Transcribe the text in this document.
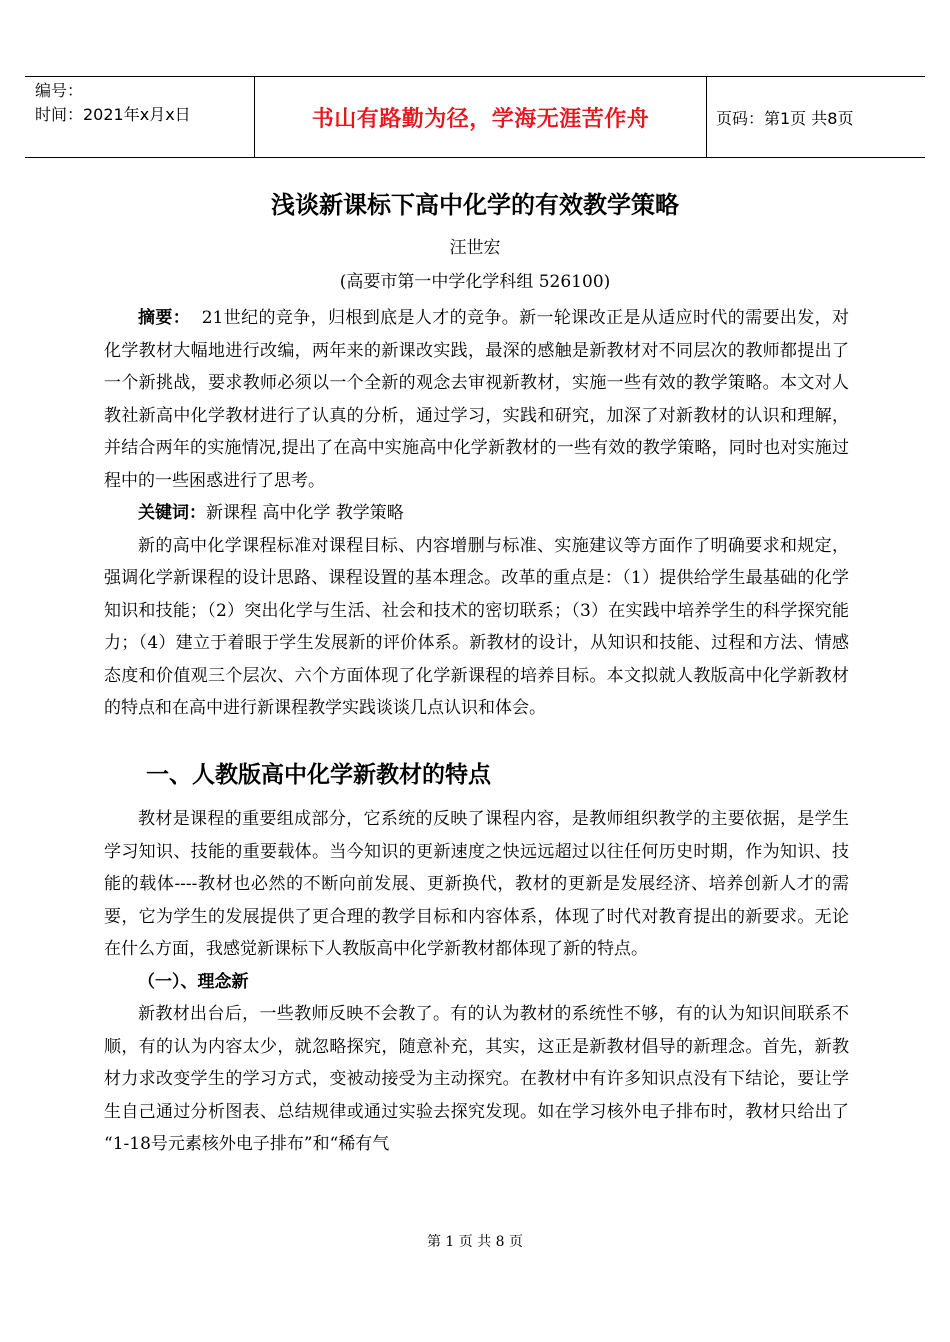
编号：
时间：2021年x月x日	书山有路勤为径，学海无涯苦作舟	页码：第1页 共8页
浅谈新课标下高中化学的有效教学策略
汪世宏
(高要市第一中学化学科组 526100)

摘要： 21世纪的竞争，归根到底是人才的竞争。新一轮课改正是从适应时代的需要出发，对化学教材大幅地进行改编，两年来的新课改实践，最深的感触是新教材对不同层次的教师都提出了一个新挑战，要求教师必须以一个全新的观念去审视新教材，实施一些有效的教学策略。本文对人教社新高中化学教材进行了认真的分析，通过学习，实践和研究，加深了对新教材的认识和理解，并结合两年的实施情况,提出了在高中实施高中化学新教材的一些有效的教学策略，同时也对实施过程中的一些困惑进行了思考。

关键词：新课程 高中化学 教学策略

新的高中化学课程标准对课程目标、内容增删与标准、实施建议等方面作了明确要求和规定，强调化学新课程的设计思路、课程设置的基本理念。改革的重点是：（1）提供给学生最基础的化学知识和技能；（2）突出化学与生活、社会和技术的密切联系；（3）在实践中培养学生的科学探究能力；（4）建立于着眼于学生发展新的评价体系。新教材的设计，从知识和技能、过程和方法、情感态度和价值观三个层次、六个方面体现了化学新课程的培养目标。本文拟就人教版高中化学新教材的特点和在高中进行新课程教学实践谈谈几点认识和体会。

一、人教版高中化学新教材的特点

教材是课程的重要组成部分，它系统的反映了课程内容，是教师组织教学的主要依据，是学生学习知识、技能的重要载体。当今知识的更新速度之快远远超过以往任何历史时期，作为知识、技能的载体----教材也必然的不断向前发展、更新换代，教材的更新是发展经济、培养创新人才的需要，它为学生的发展提供了更合理的教学目标和内容体系，体现了时代对教育提出的新要求。无论在什么方面，我感觉新课标下人教版高中化学新教材都体现了新的特点。

（一）、理念新

新教材出台后，一些教师反映不会教了。有的认为教材的系统性不够，有的认为知识间联系不顺，有的认为内容太少，就忽略探究，随意补充，其实，这正是新教材倡导的新理念。首先，新教材力求改变学生的学习方式，变被动接受为主动探究。在教材中有许多知识点没有下结论，要让学生自己通过分析图表、总结规律或通过实验去探究发现。如在学习核外电子排布时，教材只给出了 “1-18号元素核外电子排布”和“稀有气

第 1 页 共 8 页
